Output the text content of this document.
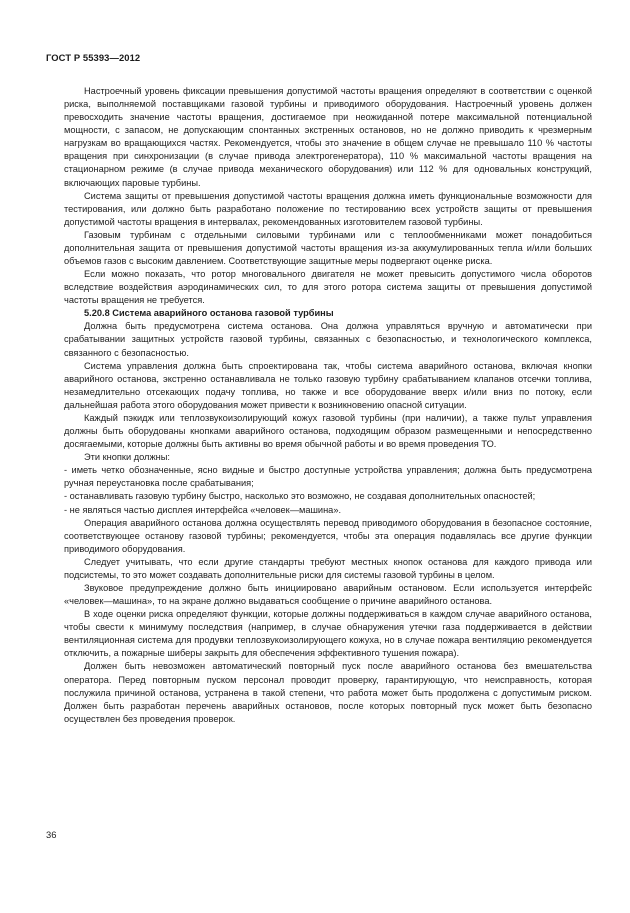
ГОСТ Р 55393—2012

Настроечный уровень фиксации превышения допустимой частоты вращения определяют в соответствии с оценкой риска, выполняемой поставщиками газовой турбины и приводимого оборудования. Настроечный уровень должен превосходить значение частоты вращения, достигаемое при неожиданной потере максимальной потенциальной мощности, с запасом, не допускающим спонтанных экстренных остановов, но не должно приводить к чрезмерным нагрузкам во вращающихся частях. Рекомендуется, чтобы это значение в общем случае не превышало 110 % частоты вращения при синхронизации (в случае привода электрогенератора), 110 % максимальной частоты вращения на стационарном режиме (в случае привода механического оборудования) или 112 % для одновальных конструкций, включающих паровые турбины.

Система защиты от превышения допустимой частоты вращения должна иметь функциональные возможности для тестирования, или должно быть разработано положение по тестированию всех устройств защиты от превышения допустимой частоты вращения в интервалах, рекомендованных изготовителем газовой турбины.

Газовым турбинам с отдельными силовыми турбинами или с теплообменниками может понадобиться дополнительная защита от превышения допустимой частоты вращения из-за аккумулированных тепла и/или больших объемов газов с высоким давлением. Соответствующие защитные меры подвергают оценке риска.

Если можно показать, что ротор многовального двигателя не может превысить допустимого числа оборотов вследствие воздействия аэродинамических сил, то для этого ротора система защиты от превышения допустимой частоты вращения не требуется.

5.20.8 Система аварийного останова газовой турбины

Должна быть предусмотрена система останова. Она должна управляться вручную и автоматически при срабатывании защитных устройств газовой турбины, связанных с безопасностью, и технологического комплекса, связанного с безопасностью.

Система управления должна быть спроектирована так, чтобы система аварийного останова, включая кнопки аварийного останова, экстренно останавливала не только газовую турбину срабатыванием клапанов отсечки топлива, незамедлительно отсекающих подачу топлива, но также и все оборудование вверх и/или вниз по потоку, если дальнейшая работа этого оборудования может привести к возникновению опасной ситуации.

Каждый пэкидж или теплозвукоизолирующий кожух газовой турбины (при наличии), а также пульт управления должны быть оборудованы кнопками аварийного останова, подходящим образом размещенными и непосредственно досягаемыми, которые должны быть активны во время обычной работы и во время проведения ТО.

Эти кнопки должны:

- иметь четко обозначенные, ясно видные и быстро доступные устройства управления; должна быть предусмотрена ручная переустановка после срабатывания;

- останавливать газовую турбину быстро, насколько это возможно, не создавая дополнительных опасностей;

- не являться частью дисплея интерфейса «человек—машина».

Операция аварийного останова должна осуществлять перевод приводимого оборудования в безопасное состояние, соответствующее останову газовой турбины; рекомендуется, чтобы эта операция подавлялась все другие функции приводимого оборудования.

Следует учитывать, что если другие стандарты требуют местных кнопок останова для каждого привода или подсистемы, то это может создавать дополнительные риски для системы газовой турбины в целом.

Звуковое предупреждение должно быть инициировано аварийным остановом. Если используется интерфейс «человек—машина», то на экране должно выдаваться сообщение о причине аварийного останова.

В ходе оценки риска определяют функции, которые должны поддерживаться в каждом случае аварийного останова, чтобы свести к минимуму последствия (например, в случае обнаружения утечки газа поддерживается в действии вентиляционная система для продувки теплозвукоизолирующего кожуха, но в случае пожара вентиляцию рекомендуется отключить, а пожарные шиберы закрыть для обеспечения эффективного тушения пожара).

Должен быть невозможен автоматический повторный пуск после аварийного останова без вмешательства оператора. Перед повторным пуском персонал проводит проверку, гарантирующую, что неисправность, которая послужила причиной останова, устранена в такой степени, что работа может быть продолжена с допустимым риском. Должен быть разработан перечень аварийных остановов, после которых повторный пуск может быть безопасно осуществлен без проведения проверок.

36
